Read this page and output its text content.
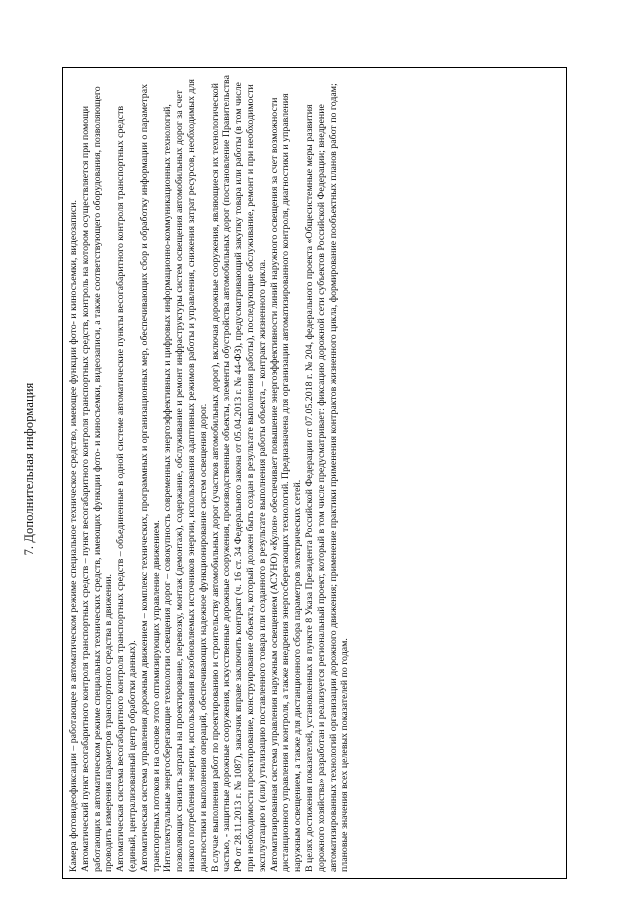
7. Дополнительная информация	Камера фотовидеофиксации – работающее в автоматическом режиме специальное техническое средство, имеющее функции фото- и киносъемки, видеозаписи. Автоматический пункт весогабаритного контроля транспортных средств – пункт весогабаритного контроля транспортных средств, контроль на котором осуществляется при помощи работающих в автоматическом режиме специальных технических средств, имеющих функции фото- и киносъемки, видеозаписи, а также соответствующего оборудования, позволяющего проводить измерения параметров транспортного средства в движении. Автоматическая система весогабаритного контроля транспортных средств – объединенные в одной системе автоматические пункты весогабаритного контроля транспортных средств (единый, централизованный центр обработки данных). Автоматическая система управления дорожным движением – комплекс технических, программных и организационных мер, обеспечивающих сбор и обработку информации о параметрах транспортных потоков и на основе этого оптимизирующих управление движением. Интеллектуальные энергосберегающие технологии освещения дорог – совокупность современных энергоэффективных и цифровых информационно-коммуникационных технологий, позволяющих снизить затраты на проектирование, перевозку, монтаж (демонтаж), содержание, обслуживание и ремонт инфраструктуры систем освещения автомобильных дорог за счет низкого потребления энергии, использования возобновляемых источников энергии, использования адаптивных режимов работы и управления, снижения затрат ресурсов, необходимых для диагностики и выполнения операций, обеспечивающих надежное функционирование систем освещения дорог. В случае выполнения работ по проектированию и строительству автомобильных дорог (участков автомобильных дорог), включая дорожные сооружения, являющиеся их технологической частью, - защитные дорожные сооружения, искусственные дорожные сооружения, производственные объекты, элементы обустройства автомобильных дорог (постановление Правительства РФ от 28.11.2013 г. № 1087), заказчик вправе заключить контракт (ч. 16 ст. 34 Федерального закона от 05.04.2013 г. № 44-ФЗ), предусматривающий закупку товара или работы (в том числе при необходимости проектирование, конструирование объекта, который должен быть создан в результате выполнения работы), последующие обслуживание, ремонт и при необходимости эксплуатацию и (или) утилизацию поставленного товара или созданного в результате выполнения работы объекта, – контракт жизненного цикла. Автоматизированная система управления наружным освещением (АСУНО) «Кулон» обеспечивает повышение энергоэффективности линий наружного освещения за счет возможности дистанционного управления и контроля, а также внедрения энергосберегающих технологий. Предназначена для организации автоматизированного контроля, диагностики и управления наружным освещением, а также для дистанционного сбора параметров электрических сетей. В целях достижения показателей, установленных в пункте 8 Указа Президента Российской Федерации от 07.05.2018 г. № 204, федерального проекта «Общесистемные меры развития дорожного хозяйства» разработан и реализуется региональный проект, который в том числе предусматривает: фиксацию дорожной сети субъектов Российской Федерации; внедрение автоматизированных технологий организации дорожного движения; применение практики применения контрактов жизненного цикла, формирование пообъектных планов работ по годам; плановые значения всех целевых показателей по годам.
